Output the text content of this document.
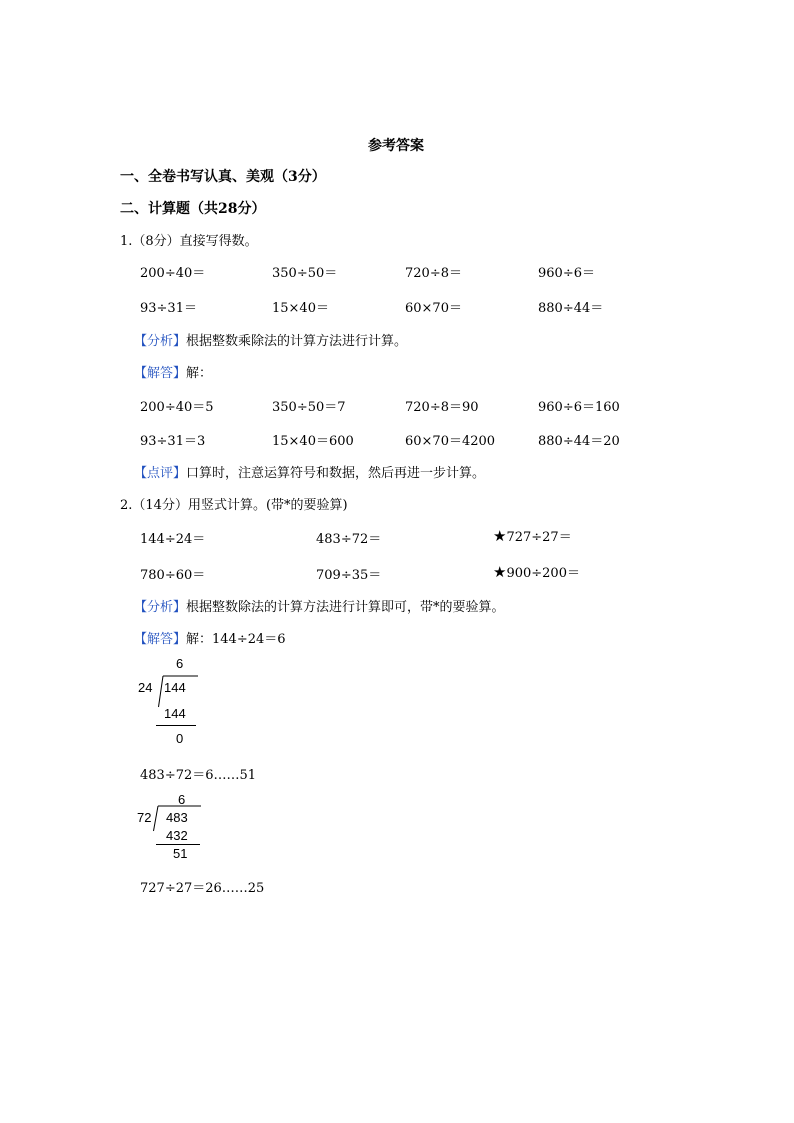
参考答案
一、全卷书写认真、美观（3分）
二、计算题（共28分）
1.（8分）直接写得数。
200÷40＝	350÷50＝	720÷8＝	960÷6＝
93÷31＝	15×40＝	60×70＝	880÷44＝
【分析】根据整数乘除法的计算方法进行计算。
【解答】解：
200÷40＝5	350÷50＝7	720÷8＝90	960÷6＝160
93÷31＝3	15×40＝600	60×70＝4200	880÷44＝20
【点评】口算时，注意运算符号和数据，然后再进一步计算。
2.（14分）用竖式计算。(带*的要验算)
144÷24＝	483÷72＝	★727÷27＝
780÷60＝	709÷35＝	★900÷200＝
【分析】根据整数除法的计算方法进行计算即可，带*的要验算。
【解答】解：144÷24＝6
6
24 144
144
0
483÷72＝6……51
6
72 483
432
51
727÷27＝26……25
